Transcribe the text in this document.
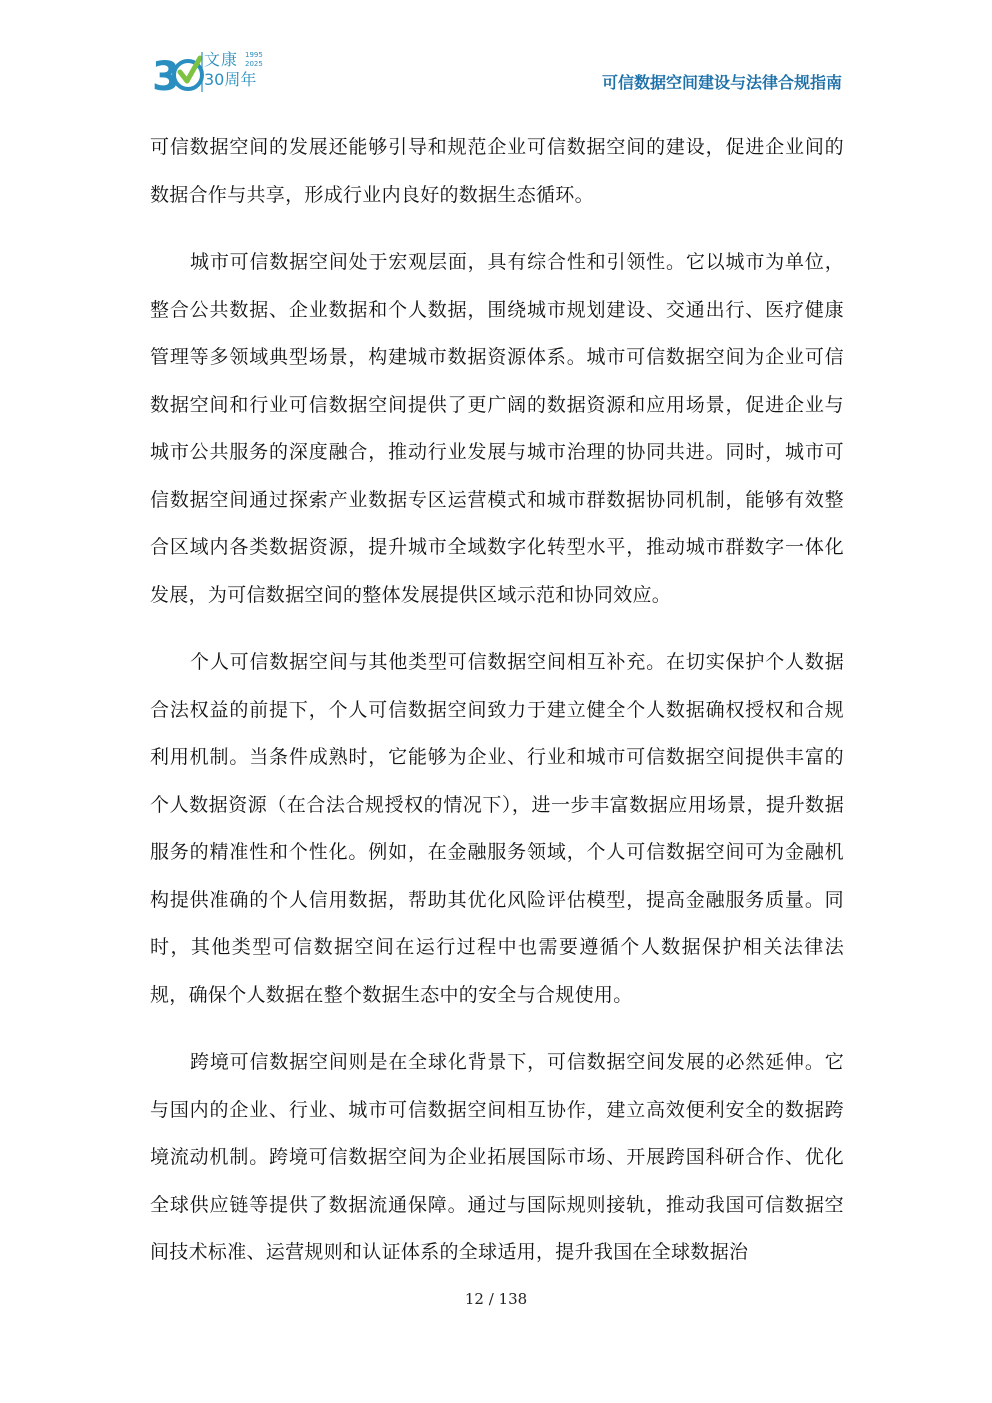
3 文康
30周年
1995
2025
可信数据空间建设与法律合规指南

可信数据空间的发展还能够引导和规范企业可信数据空间的建设，促进企业间的数据合作与共享，形成行业内良好的数据生态循环。

城市可信数据空间处于宏观层面，具有综合性和引领性。它以城市为单位，整合公共数据、企业数据和个人数据，围绕城市规划建设、交通出行、医疗健康管理等多领域典型场景，构建城市数据资源体系。城市可信数据空间为企业可信数据空间和行业可信数据空间提供了更广阔的数据资源和应用场景，促进企业与城市公共服务的深度融合，推动行业发展与城市治理的协同共进。同时，城市可信数据空间通过探索产业数据专区运营模式和城市群数据协同机制，能够有效整合区域内各类数据资源，提升城市全域数字化转型水平，推动城市群数字一体化发展，为可信数据空间的整体发展提供区域示范和协同效应。

个人可信数据空间与其他类型可信数据空间相互补充。在切实保护个人数据合法权益的前提下，个人可信数据空间致力于建立健全个人数据确权授权和合规利用机制。当条件成熟时，它能够为企业、行业和城市可信数据空间提供丰富的个人数据资源（在合法合规授权的情况下），进一步丰富数据应用场景，提升数据服务的精准性和个性化。例如，在金融服务领域，个人可信数据空间可为金融机构提供准确的个人信用数据，帮助其优化风险评估模型，提高金融服务质量。同时，其他类型可信数据空间在运行过程中也需要遵循个人数据保护相关法律法规，确保个人数据在整个数据生态中的安全与合规使用。

跨境可信数据空间则是在全球化背景下，可信数据空间发展的必然延伸。它与国内的企业、行业、城市可信数据空间相互协作，建立高效便利安全的数据跨境流动机制。跨境可信数据空间为企业拓展国际市场、开展跨国科研合作、优化全球供应链等提供了数据流通保障。通过与国际规则接轨，推动我国可信数据空间技术标准、运营规则和认证体系的全球适用，提升我国在全球数据治

12 / 138
